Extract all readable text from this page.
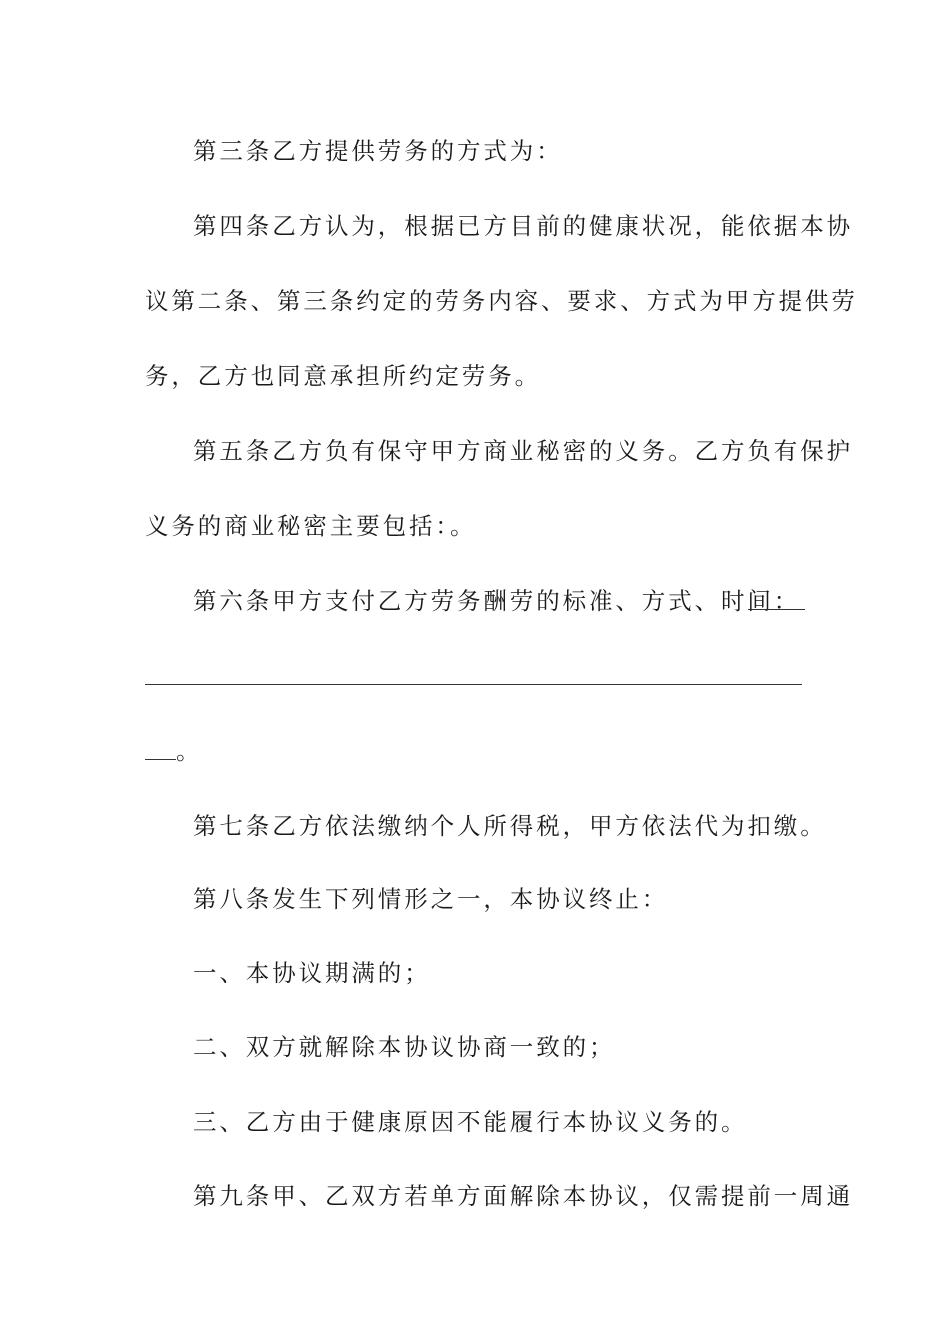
第三条乙方提供劳务的方式为：
第四条乙方认为，根据已方目前的健康状况，能依据本协
议第二条、第三条约定的劳务内容、要求、方式为甲方提供劳
务，乙方也同意承担所约定劳务。
第五条乙方负有保守甲方商业秘密的义务。乙方负有保护
义务的商业秘密主要包括：。
第六条甲方支付乙方劳务酬劳的标准、方式、时间：
。
第七条乙方依法缴纳个人所得税，甲方依法代为扣缴。
第八条发生下列情形之一，本协议终止：
一、本协议期满的；
二、双方就解除本协议协商一致的；
三、乙方由于健康原因不能履行本协议义务的。
第九条甲、乙双方若单方面解除本协议，仅需提前一周通
